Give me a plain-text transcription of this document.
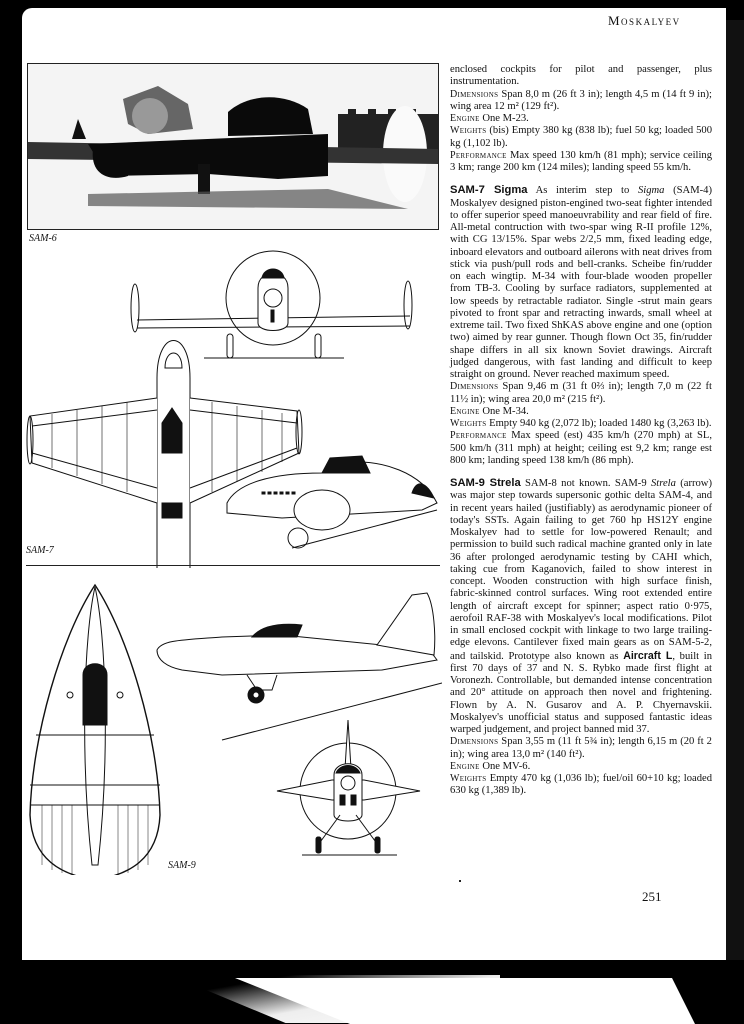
Moskalyev
SAM-6
SAM-7
SAM-9

enclosed cockpits for pilot and passenger, plus instrumentation.

Dimensions Span 8,0 m (26 ft 3 in); length 4,5 m (14 ft 9 in); wing area 12 m² (129 ft²).

Engine One M-23.

Weights (bis) Empty 380 kg (838 lb); fuel 50 kg; loaded 500 kg (1,102 lb).

Performance Max speed 130 km/h (81 mph); service ceiling 3 km; range 200 km (124 miles); landing speed 55 km/h.

SAM-7 Sigma As interim step to Sigma (SAM-4) Moskalyev designed piston-engined two-seat fighter intended to offer superior speed manoeuvrability and rear field of fire. All-metal contruction with two-spar wing R-II profile 12%, with CG 13/15%. Spar webs 2/2,5 mm, fixed leading edge, inboard elevators and outboard ailerons with neat drives from stick via push/pull rods and bell-cranks. Scheibe fin/rudder on each wingtip. M-34 with four-blade wooden propeller from TB-3. Cooling by surface radiators, supplemented at low speeds by retractable radiator. Single -strut main gears pivoted to front spar and retracting inwards, small wheel at extreme tail. Two fixed ShKAS above engine and one (option two) aimed by rear gunner. Though flown Oct 35, fin/rudder shape differs in all six known Soviet drawings. Aircraft judged dangerous, with fast landing and difficult to keep straight on ground. Never reached maximum speed.

Dimensions Span 9,46 m (31 ft 0⅔ in); length 7,0 m (22 ft 11½ in); wing area 20,0 m² (215 ft²).

Engine One M-34.

Weights Empty 940 kg (2,072 lb); loaded 1480 kg (3,263 lb).

Performance Max speed (est) 435 km/h (270 mph) at SL, 500 km/h (311 mph) at height; ceiling est 9,2 km; range est 800 km; landing speed 138 km/h (86 mph).

SAM-9 Strela SAM-8 not known. SAM-9 Strela (arrow) was major step towards supersonic gothic delta SAM-4, and in recent years hailed (justifiably) as aerodynamic pioneer of today's SSTs. Again failing to get 760 hp HS12Y engine Moskalyev had to settle for low-powered Renault; and permission to build such radical machine granted only in late 36 after prolonged aerodynamic testing by CAHI which, taking cue from Kaganovich, failed to show interest in concept. Wooden construction with high surface finish, fabric-skinned control surfaces. Wing root extended entire length of aircraft except for spinner; aspect ratio 0·975, aerofoil RAF-38 with Moskalyev's local modifications. Pilot in small enclosed cockpit with linkage to two large trailing-edge elevons. Cantilever fixed main gears as on SAM-5-2, and tailskid. Prototype also known as Aircraft L, built in first 70 days of 37 and N. S. Rybko made first flight at Voronezh. Controllable, but demanded intense concentration and 20° attitude on approach then novel and frightening. Flown by A. N. Gusarov and A. P. Chyernavskii. Moskalyev's unofficial status and supposed fantastic ideas warped judgement, and project banned mid 37.

Dimensions Span 3,55 m (11 ft 5¾ in); length 6,15 m (20 ft 2 in); wing area 13,0 m² (140 ft²).

Engine One MV-6.

Weights Empty 470 kg (1,036 lb); fuel/oil 60+10 kg; loaded 630 kg (1,389 lb).

251
